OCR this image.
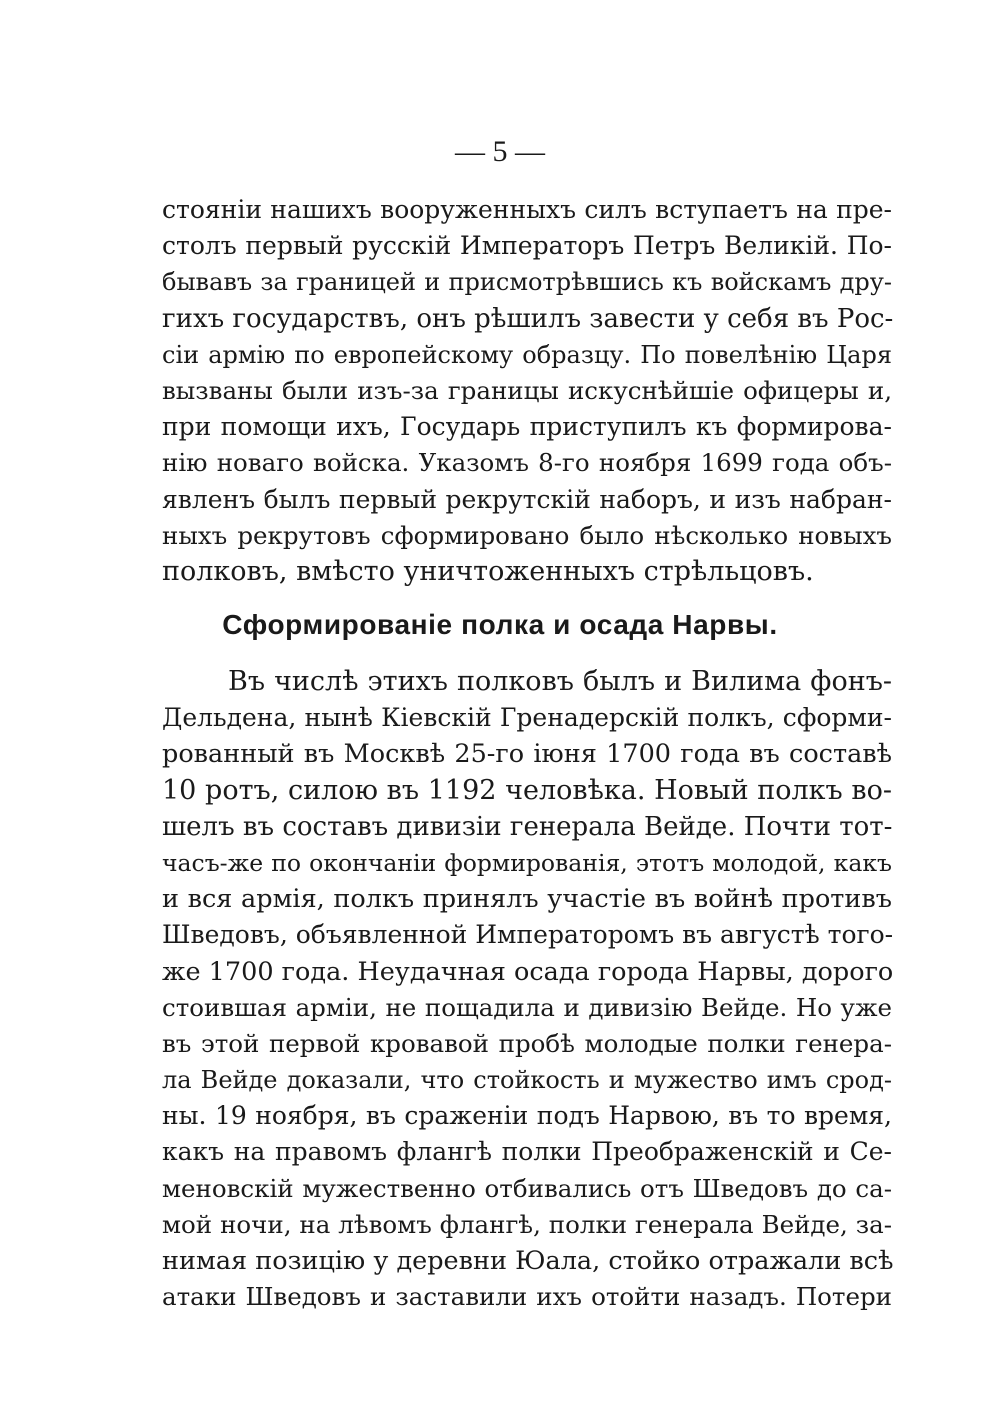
— 5 —
стояніи нашихъ вооруженныхъ силъ вступаетъ на пре-
столъ первый русскій Императоръ Петръ Великій. По-
бывавъ за границей и присмотрѣвшись къ войскамъ дру-
гихъ государствъ, онъ рѣшилъ завести у себя въ Рос-
сіи армію по европейскому образцу. По повелѣнію Царя
вызваны были изъ-за границы искуснѣйшіе офицеры и,
при помощи ихъ, Государь приступилъ къ формирова-
нію новаго войска. Указомъ 8-го ноября 1699 года объ-
явленъ былъ первый рекрутскій наборъ, и изъ набран-
ныхъ рекрутовъ сформировано было нѣсколько новыхъ
полковъ, вмѣсто уничтоженныхъ стрѣльцовъ.
Сформированіе полка и осада Нарвы.
Въ числѣ этихъ полковъ былъ и Вилима фонъ-
Дельдена, нынѣ Кіевскій Гренадерскій полкъ, сформи-
рованный въ Москвѣ 25-го іюня 1700 года въ составѣ
10 ротъ, силою въ 1192 человѣка. Новый полкъ во-
шелъ въ составъ дивизіи генерала Вейде. Почти тот-
часъ-же по окончаніи формированія, этотъ молодой, какъ
и вся армія, полкъ принялъ участіе въ войнѣ противъ
Шведовъ, объявленной Императоромъ въ августѣ того-
же 1700 года. Неудачная осада города Нарвы, дорого
стоившая арміи, не пощадила и дивизію Вейде. Но уже
въ этой первой кровавой пробѣ молодые полки генера-
ла Вейде доказали, что стойкость и мужество имъ срод-
ны. 19 ноября, въ сраженіи подъ Нарвою, въ то время,
какъ на правомъ флангѣ полки Преображенскій и Се-
меновскій мужественно отбивались отъ Шведовъ до са-
мой ночи, на лѣвомъ флангѣ, полки генерала Вейде, за-
нимая позицію у деревни Юала, стойко отражали всѣ
атаки Шведовъ и заставили ихъ отойти назадъ. Потери
